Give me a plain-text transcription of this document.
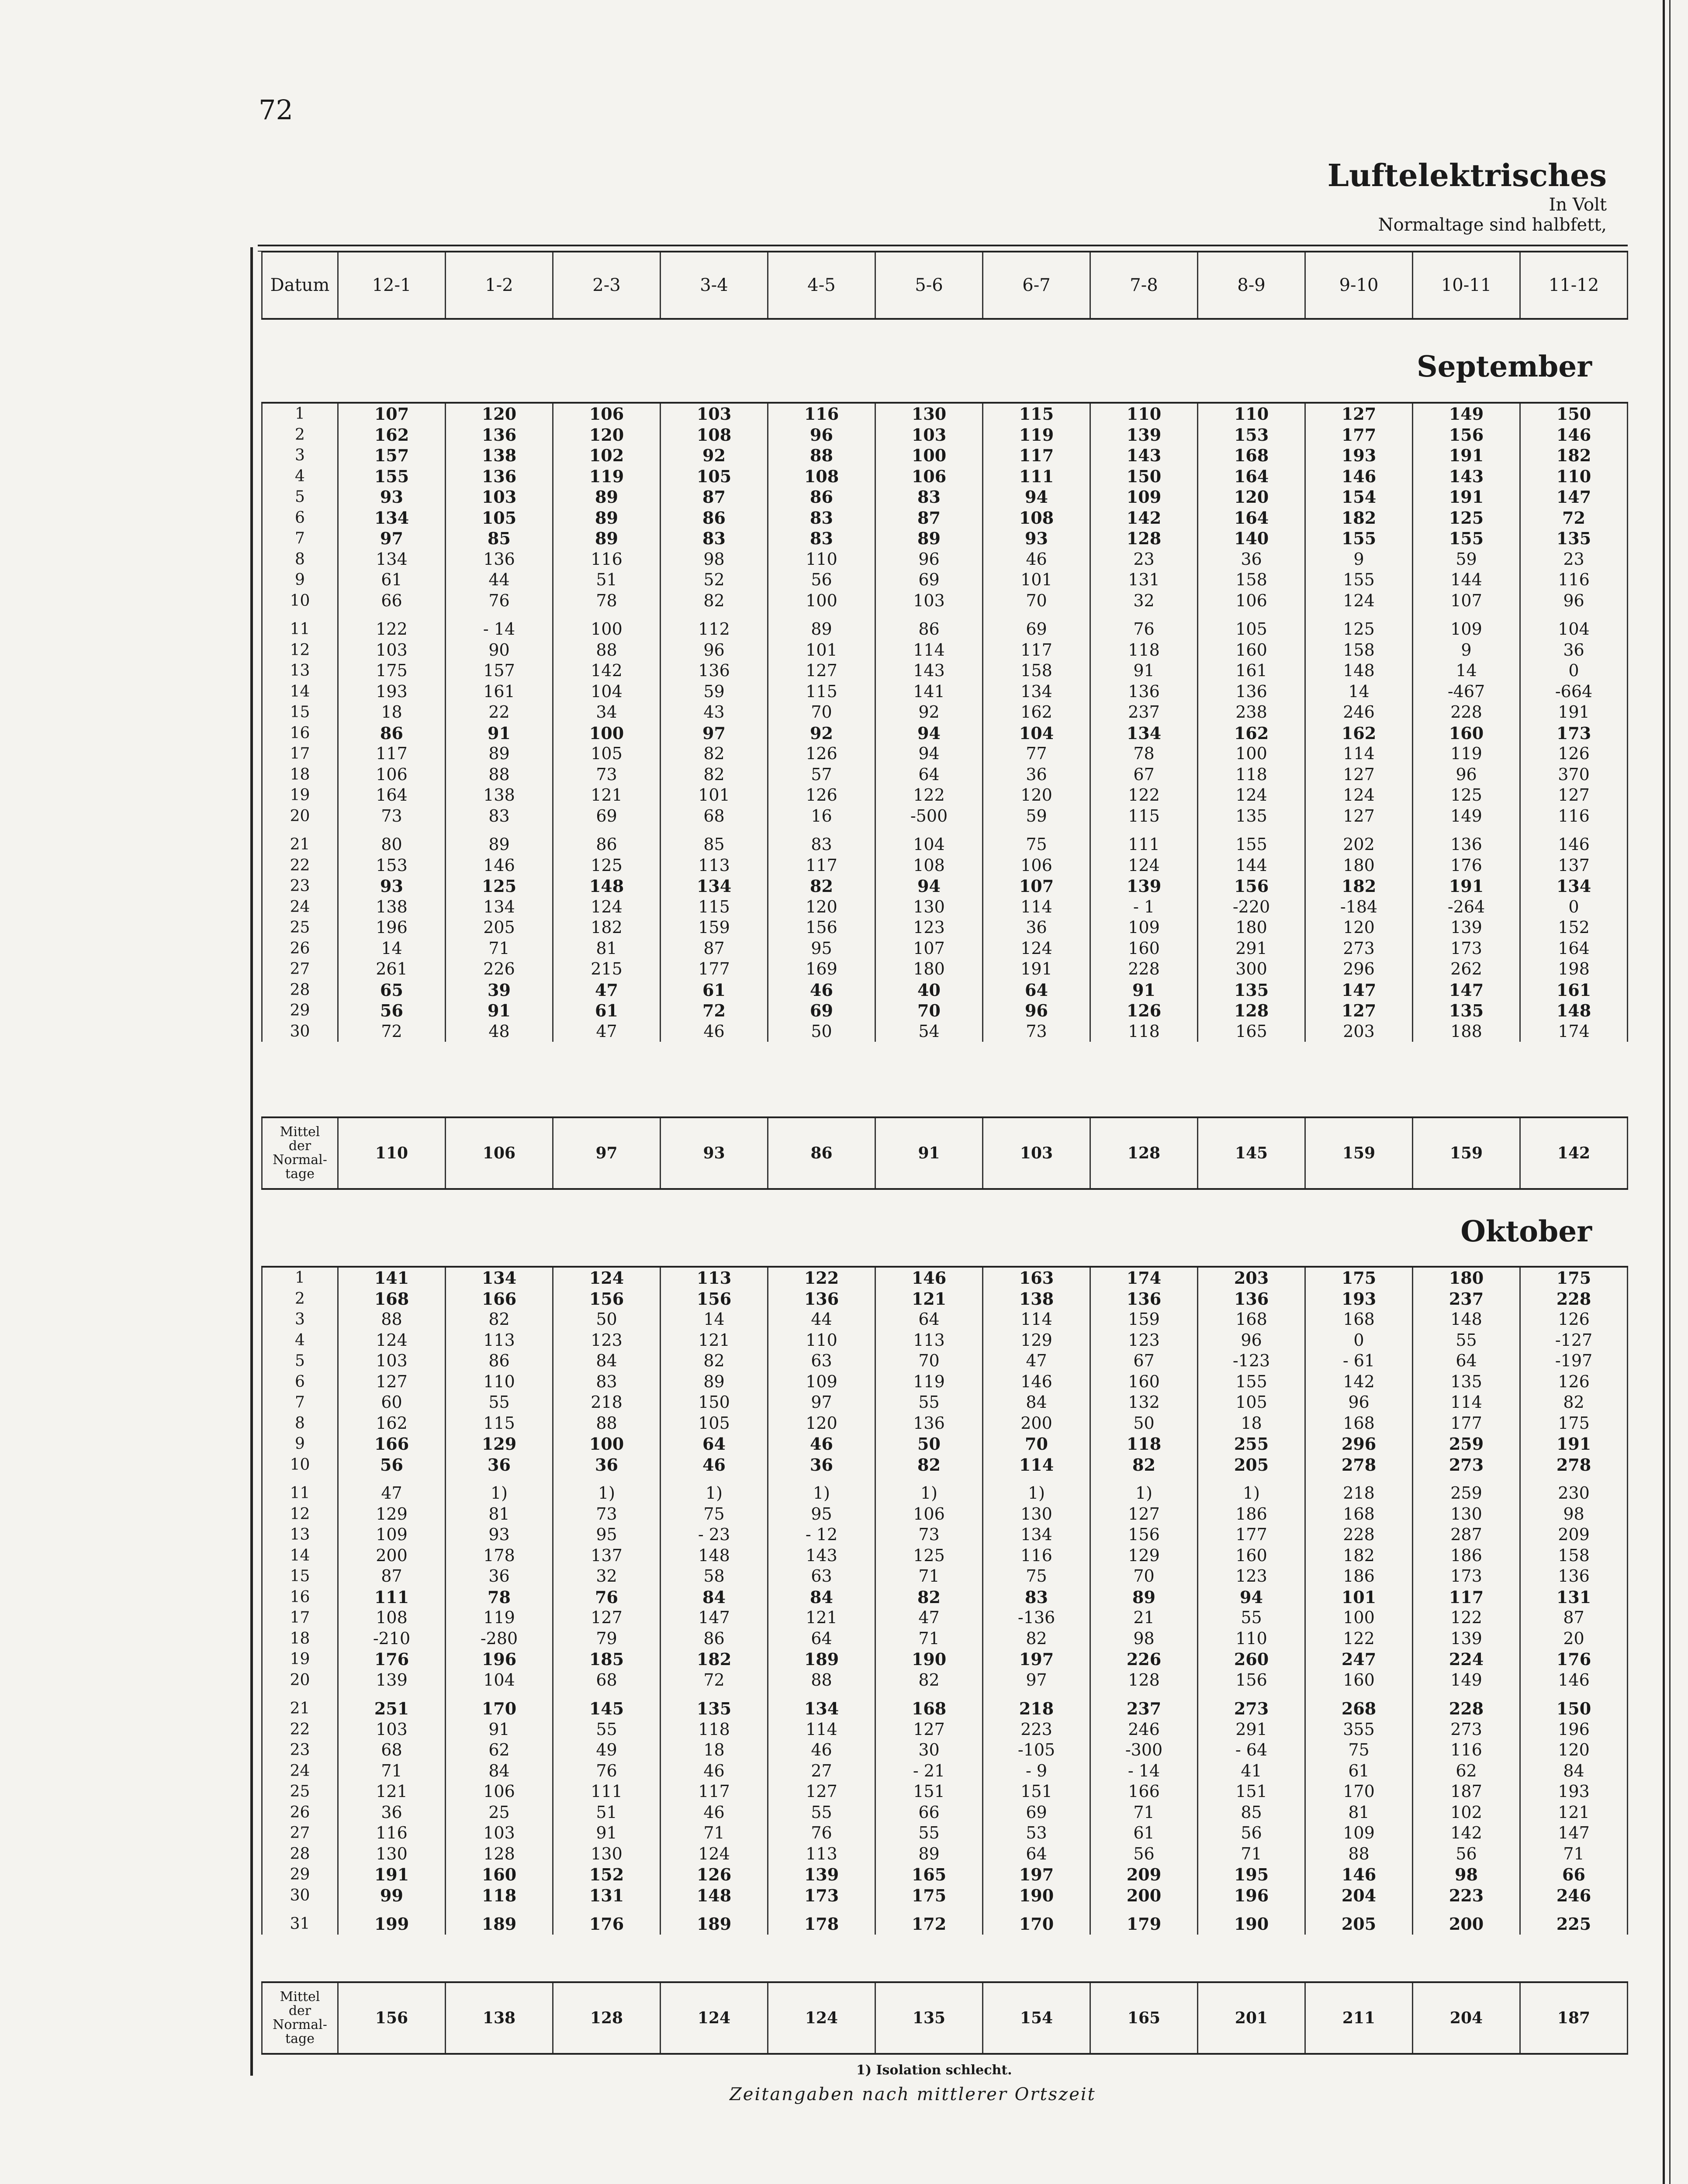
72
Luftelektrisches
In Volt
Normaltage sind halbfett,
Datum	12-1	1-2	2-3	3-4	4-5	5-6	6-7	7-8	8-9	9-10	10-11	11-12
September
1	107	120	106	103	116	130	115	110	110	127	149	150
2	162	136	120	108	96	103	119	139	153	177	156	146
3	157	138	102	92	88	100	117	143	168	193	191	182
4	155	136	119	105	108	106	111	150	164	146	143	110
5	93	103	89	87	86	83	94	109	120	154	191	147
6	134	105	89	86	83	87	108	142	164	182	125	72
7	97	85	89	83	83	89	93	128	140	155	155	135
8	134	136	116	98	110	96	46	23	36	9	59	23
9	61	44	51	52	56	69	101	131	158	155	144	116
10	66	76	78	82	100	103	70	32	106	124	107	96

11	122	- 14	100	112	89	86	69	76	105	125	109	104
12	103	90	88	96	101	114	117	118	160	158	9	36
13	175	157	142	136	127	143	158	91	161	148	14	0
14	193	161	104	59	115	141	134	136	136	14	-467	-664
15	18	22	34	43	70	92	162	237	238	246	228	191
16	86	91	100	97	92	94	104	134	162	162	160	173
17	117	89	105	82	126	94	77	78	100	114	119	126
18	106	88	73	82	57	64	36	67	118	127	96	370
19	164	138	121	101	126	122	120	122	124	124	125	127
20	73	83	69	68	16	-500	59	115	135	127	149	116

21	80	89	86	85	83	104	75	111	155	202	136	146
22	153	146	125	113	117	108	106	124	144	180	176	137
23	93	125	148	134	82	94	107	139	156	182	191	134
24	138	134	124	115	120	130	114	- 1	-220	-184	-264	0
25	196	205	182	159	156	123	36	109	180	120	139	152
26	14	71	81	87	95	107	124	160	291	273	173	164
27	261	226	215	177	169	180	191	228	300	296	262	198
28	65	39	47	61	46	40	64	91	135	147	147	161
29	56	91	61	72	69	70	96	126	128	127	135	148
30	72	48	47	46	50	54	73	118	165	203	188	174
Mittel
der
Normal-
tage
	110	106	97	93	86	91	103	128	145	159	159	142
Oktober
1	141	134	124	113	122	146	163	174	203	175	180	175
2	168	166	156	156	136	121	138	136	136	193	237	228
3	88	82	50	14	44	64	114	159	168	168	148	126
4	124	113	123	121	110	113	129	123	96	0	55	-127
5	103	86	84	82	63	70	47	67	-123	- 61	64	-197
6	127	110	83	89	109	119	146	160	155	142	135	126
7	60	55	218	150	97	55	84	132	105	96	114	82
8	162	115	88	105	120	136	200	50	18	168	177	175
9	166	129	100	64	46	50	70	118	255	296	259	191
10	56	36	36	46	36	82	114	82	205	278	273	278

11	47	1)	1)	1)	1)	1)	1)	1)	1)	218	259	230
12	129	81	73	75	95	106	130	127	186	168	130	98
13	109	93	95	- 23	- 12	73	134	156	177	228	287	209
14	200	178	137	148	143	125	116	129	160	182	186	158
15	87	36	32	58	63	71	75	70	123	186	173	136
16	111	78	76	84	84	82	83	89	94	101	117	131
17	108	119	127	147	121	47	-136	21	55	100	122	87
18	-210	-280	79	86	64	71	82	98	110	122	139	20
19	176	196	185	182	189	190	197	226	260	247	224	176
20	139	104	68	72	88	82	97	128	156	160	149	146

21	251	170	145	135	134	168	218	237	273	268	228	150
22	103	91	55	118	114	127	223	246	291	355	273	196
23	68	62	49	18	46	30	-105	-300	- 64	75	116	120
24	71	84	76	46	27	- 21	- 9	- 14	41	61	62	84
25	121	106	111	117	127	151	151	166	151	170	187	193
26	36	25	51	46	55	66	69	71	85	81	102	121
27	116	103	91	71	76	55	53	61	56	109	142	147
28	130	128	130	124	113	89	64	56	71	88	56	71
29	191	160	152	126	139	165	197	209	195	146	98	66
30	99	118	131	148	173	175	190	200	196	204	223	246

31	199	189	176	189	178	172	170	179	190	205	200	225
Mittel
der
Normal-
tage
	156	138	128	124	124	135	154	165	201	211	204	187
1) Isolation schlecht.
Zeitangaben nach mittlerer Ortszeit
